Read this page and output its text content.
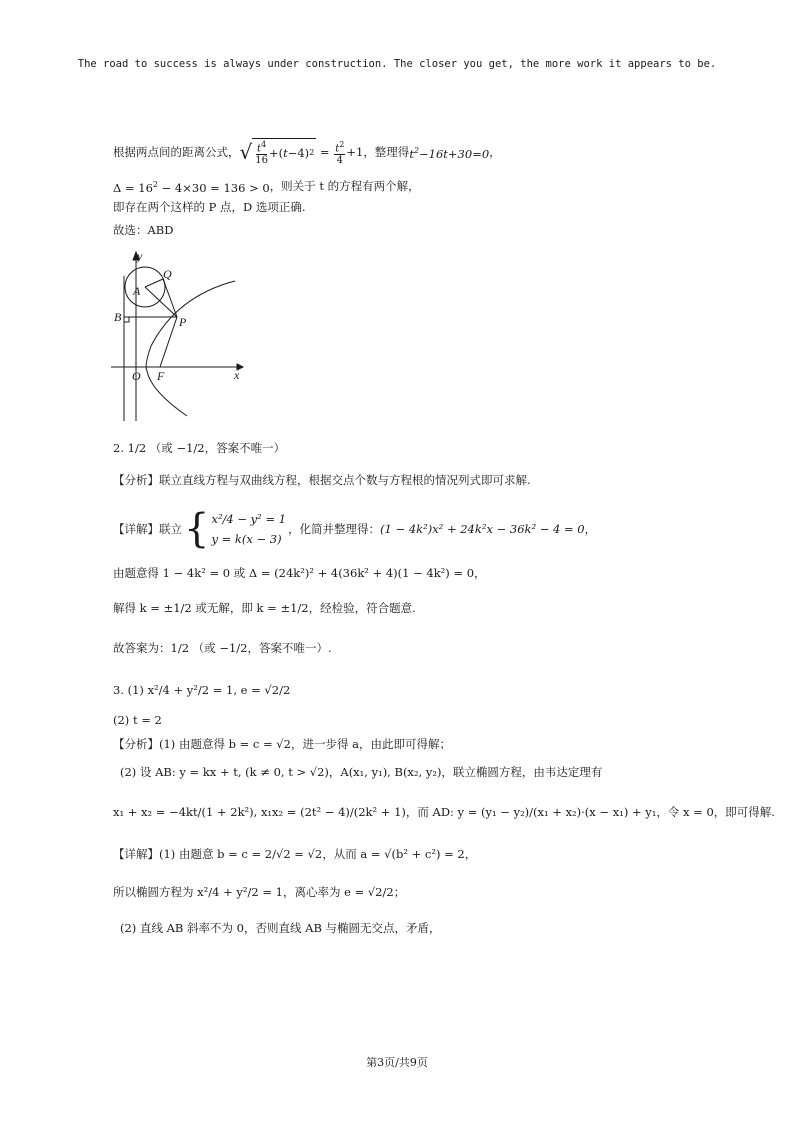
The road to success is always under construction. The closer you get, the more work it appears to be.
根据两点间的距离公式， √ $\frac{t^4}{16}$ +( t −4) $2 = \frac{t^2}{4} +1$ ，整理得 $t^2-16t+30=0$ ，
$\Delta = 16^2 - 4\times 30 = 136 > 0$ ，则关于 t 的方程有两个解，
即存在两个这样的 P 点，D 选项正确.
故选：ABD
y
x
O F
A
B	P
Q
2. 1/2 （或 −1/2，答案不唯一）
【分析】联立直线方程与双曲线方程，根据交点个数与方程根的情况列式即可求解.
【详解】联立 { x²/4 − y² = 1
y = k(x − 3)
，化简并整理得： (1 − 4k²)x² + 24k²x − 36k² − 4 = 0 ，
由题意得 1 − 4k² = 0 或 Δ = (24k²)² + 4(36k² + 4)(1 − 4k²) = 0，
解得 k = ±1/2 或无解，即 k = ±1/2，经检验，符合题意.
故答案为：1/2 （或 −1/2，答案不唯一）.
3. (1) x²/4 + y²/2 = 1, e = √2/2
(2) t = 2
【分析】(1) 由题意得 b = c = √2，进一步得 a，由此即可得解；
(2) 设 AB: y = kx + t, (k ≠ 0, t > √2)，A(x₁, y₁), B(x₂, y₂)，联立椭圆方程，由韦达定理有
x₁ + x₂ = −4kt/(1 + 2k²), x₁x₂ = (2t² − 4)/(2k² + 1)，而 AD: y = (y₁ − y₂)/(x₁ + x₂)·(x − x₁) + y₁，令 x = 0，即可得解.
【详解】(1) 由题意 b = c = 2/√2 = √2，从而 a = √(b² + c²) = 2，
所以椭圆方程为 x²/4 + y²/2 = 1，离心率为 e = √2/2；
(2) 直线 AB 斜率不为 0，否则直线 AB 与椭圆无交点，矛盾，
第3页/共9页
